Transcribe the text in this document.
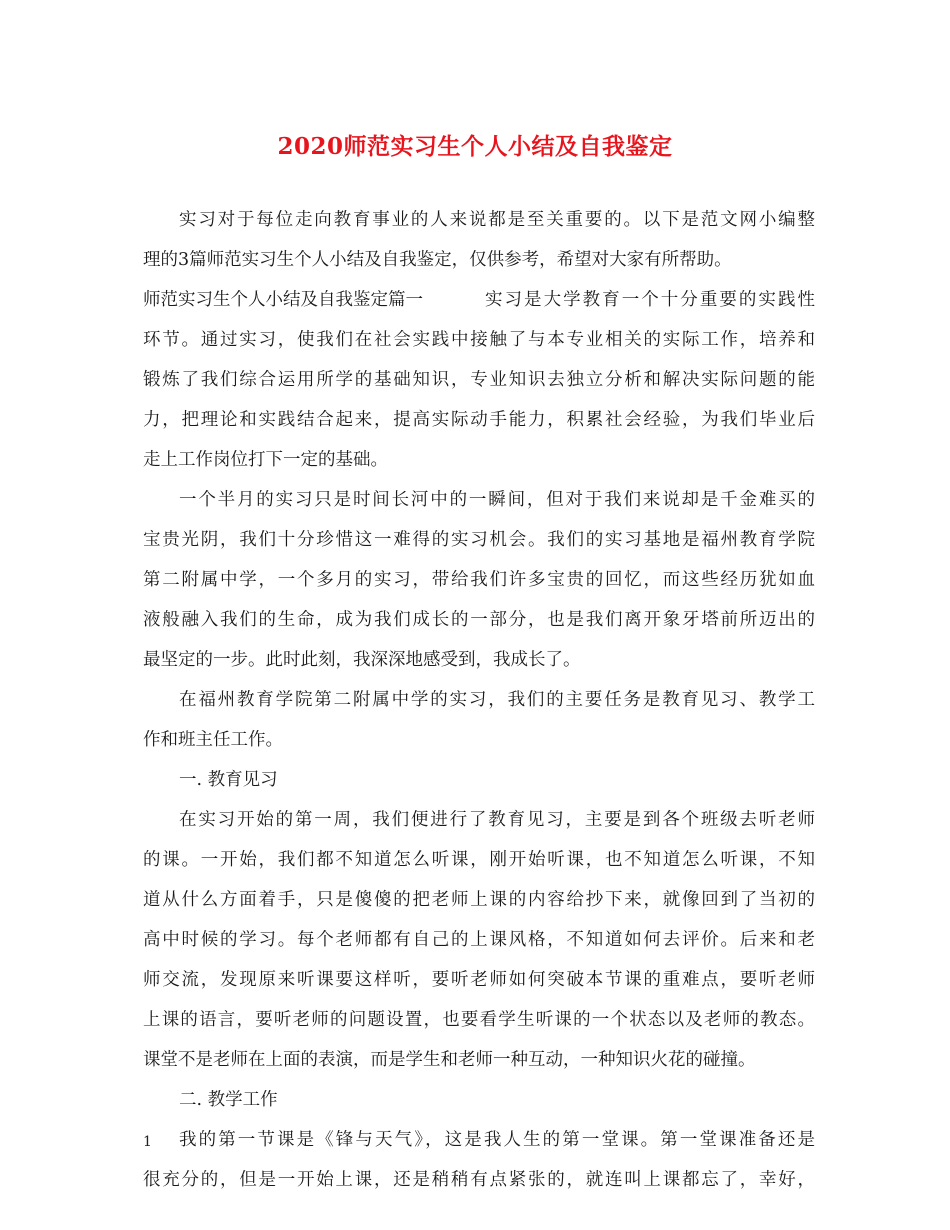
2020师范实习生个人小结及自我鉴定
实习对于每位走向教育事业的人来说都是至关重要的。以下是范文网小编整
理的3篇师范实习生个人小结及自我鉴定，仅供参考，希望对大家有所帮助。
师范实习生个人小结及自我鉴定篇一	实习是大学教育一个十分重要的实践性
环节。通过实习，使我们在社会实践中接触了与本专业相关的实际工作，培养和
锻炼了我们综合运用所学的基础知识，专业知识去独立分析和解决实际问题的能
力，把理论和实践结合起来，提高实际动手能力，积累社会经验，为我们毕业后
走上工作岗位打下一定的基础。
一个半月的实习只是时间长河中的一瞬间，但对于我们来说却是千金难买的
宝贵光阴，我们十分珍惜这一难得的实习机会。我们的实习基地是福州教育学院
第二附属中学，一个多月的实习，带给我们许多宝贵的回忆，而这些经历犹如血
液般融入我们的生命，成为我们成长的一部分，也是我们离开象牙塔前所迈出的
最坚定的一步。此时此刻，我深深地感受到，我成长了。
在福州教育学院第二附属中学的实习，我们的主要任务是教育见习、教学工
作和班主任工作。
一. 教育见习
在实习开始的第一周，我们便进行了教育见习，主要是到各个班级去听老师
的课。一开始，我们都不知道怎么听课，刚开始听课，也不知道怎么听课，不知
道从什么方面着手，只是傻傻的把老师上课的内容给抄下来，就像回到了当初的
高中时候的学习。每个老师都有自己的上课风格，不知道如何去评价。后来和老
师交流，发现原来听课要这样听，要听老师如何突破本节课的重难点，要听老师
上课的语言，要听老师的问题设置，也要看学生听课的一个状态以及老师的教态。
课堂不是老师在上面的表演，而是学生和老师一种互动，一种知识火花的碰撞。
二. 教学工作
我的第一节课是《锋与天气》，这是我人生的第一堂课。第一堂课准备还是
很充分的，但是一开始上课，还是稍稍有点紧张的，就连叫上课都忘了，幸好，
1
